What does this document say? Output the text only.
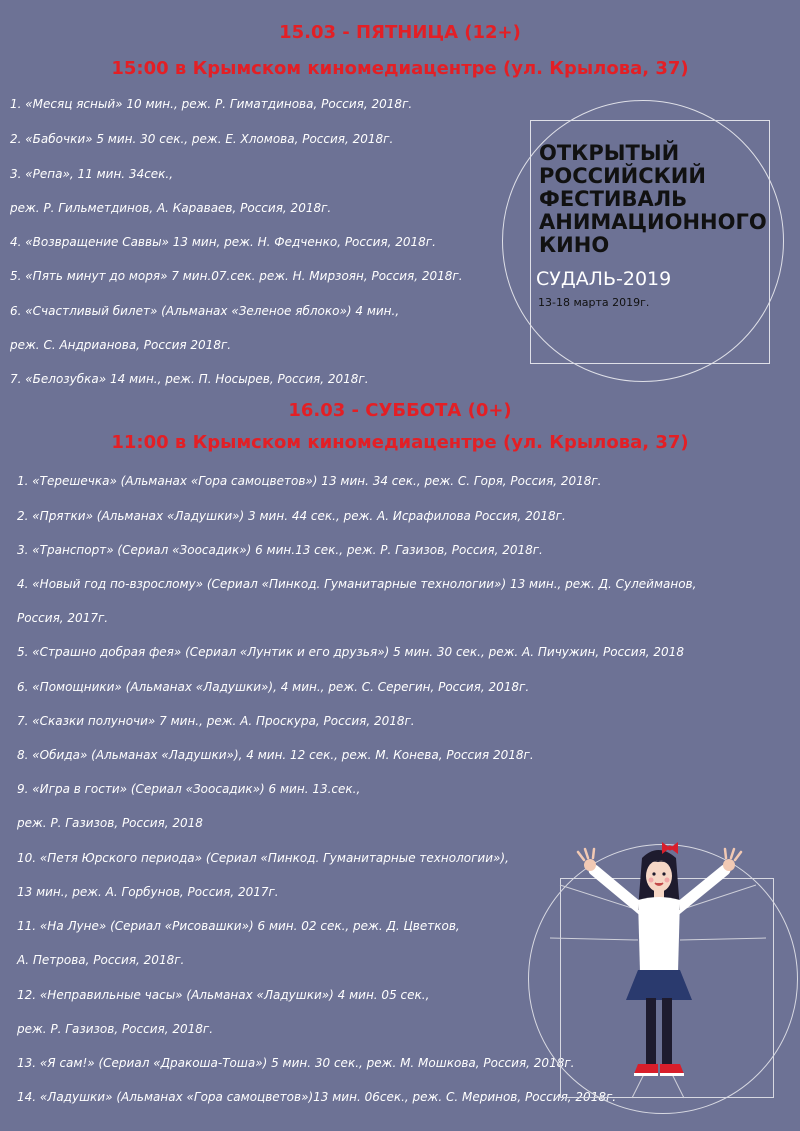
15.03 - ПЯТНИЦА (12+)
15:00 в Крымском киномедиацентре (ул. Крылова, 37)
1. «Месяц ясный» 10 мин., реж. Р. Гиматдинова, Россия, 2018г.
2. «Бабочки» 5 мин. 30 сек., реж. Е. Хломова, Россия, 2018г.
3. «Репа», 11 мин. 34сек.,
реж. Р. Гильметдинов, А. Караваев, Россия, 2018г.
4. «Возвращение Саввы» 13 мин, реж. Н. Федченко, Россия, 2018г.
5. «Пять минут до моря» 7 мин.07.сек. реж. Н. Мирзоян, Россия, 2018г.
6. «Счастливый билет» (Альманах «Зеленое яблоко») 4 мин.,
реж. С. Андрианова, Россия 2018г.
7. «Белозубка» 14 мин., реж. П. Носырев, Россия, 2018г.
ОТКРЫТЫЙ
РОССИЙСКИЙ
ФЕСТИВАЛЬ
АНИМАЦИОННОГО
КИНО
СУДАЛЬ-2019
13-18 марта 2019г.
16.03 - СУББОТА (0+)
11:00 в Крымском киномедиацентре (ул. Крылова, 37)
1. «Терешечка» (Альманах «Гора самоцветов») 13 мин. 34 сек., реж. С. Горя, Россия, 2018г.
2. «Прятки» (Альманах «Ладушки») 3 мин. 44 сек., реж. А. Исрафилова Россия, 2018г.
3. «Транспорт» (Сериал «Зоосадик») 6 мин.13 сек., реж. Р. Газизов, Россия, 2018г.
4. «Новый год по-взрослому» (Сериал «Пинкод. Гуманитарные технологии») 13 мин., реж. Д. Сулейманов,
Россия, 2017г.
5. «Страшно добрая фея» (Сериал «Лунтик и его друзья») 5 мин. 30 сек., реж. А. Пичужин, Россия, 2018
6. «Помощники» (Альманах «Ладушки»), 4 мин., реж. С. Серегин, Россия, 2018г.
7. «Сказки полуночи» 7 мин., реж. А. Проскура, Россия, 2018г.
8. «Обида» (Альманах «Ладушки»), 4 мин. 12 сек., реж. М. Конева, Россия 2018г.
9. «Игра в гости» (Сериал «Зоосадик») 6 мин. 13.сек.,
реж. Р. Газизов, Россия, 2018
10. «Петя Юрского периода» (Сериал «Пинкод. Гуманитарные технологии»),
13 мин., реж. А. Горбунов, Россия, 2017г.
11. «На Луне» (Сериал «Рисовашки») 6 мин. 02 сек., реж. Д. Цветков,
А. Петрова, Россия, 2018г.
12. «Неправильные часы» (Альманах «Ладушки») 4 мин. 05 сек.,
реж. Р. Газизов, Россия, 2018г.
13. «Я сам!» (Сериал «Дракоша-Тоша») 5 мин. 30 сек., реж. М. Мошкова, Россия, 2018г.
14. «Ладушки» (Альманах «Гора самоцветов»)13 мин. 06сек., реж. С. Меринов, Россия, 2018г.
